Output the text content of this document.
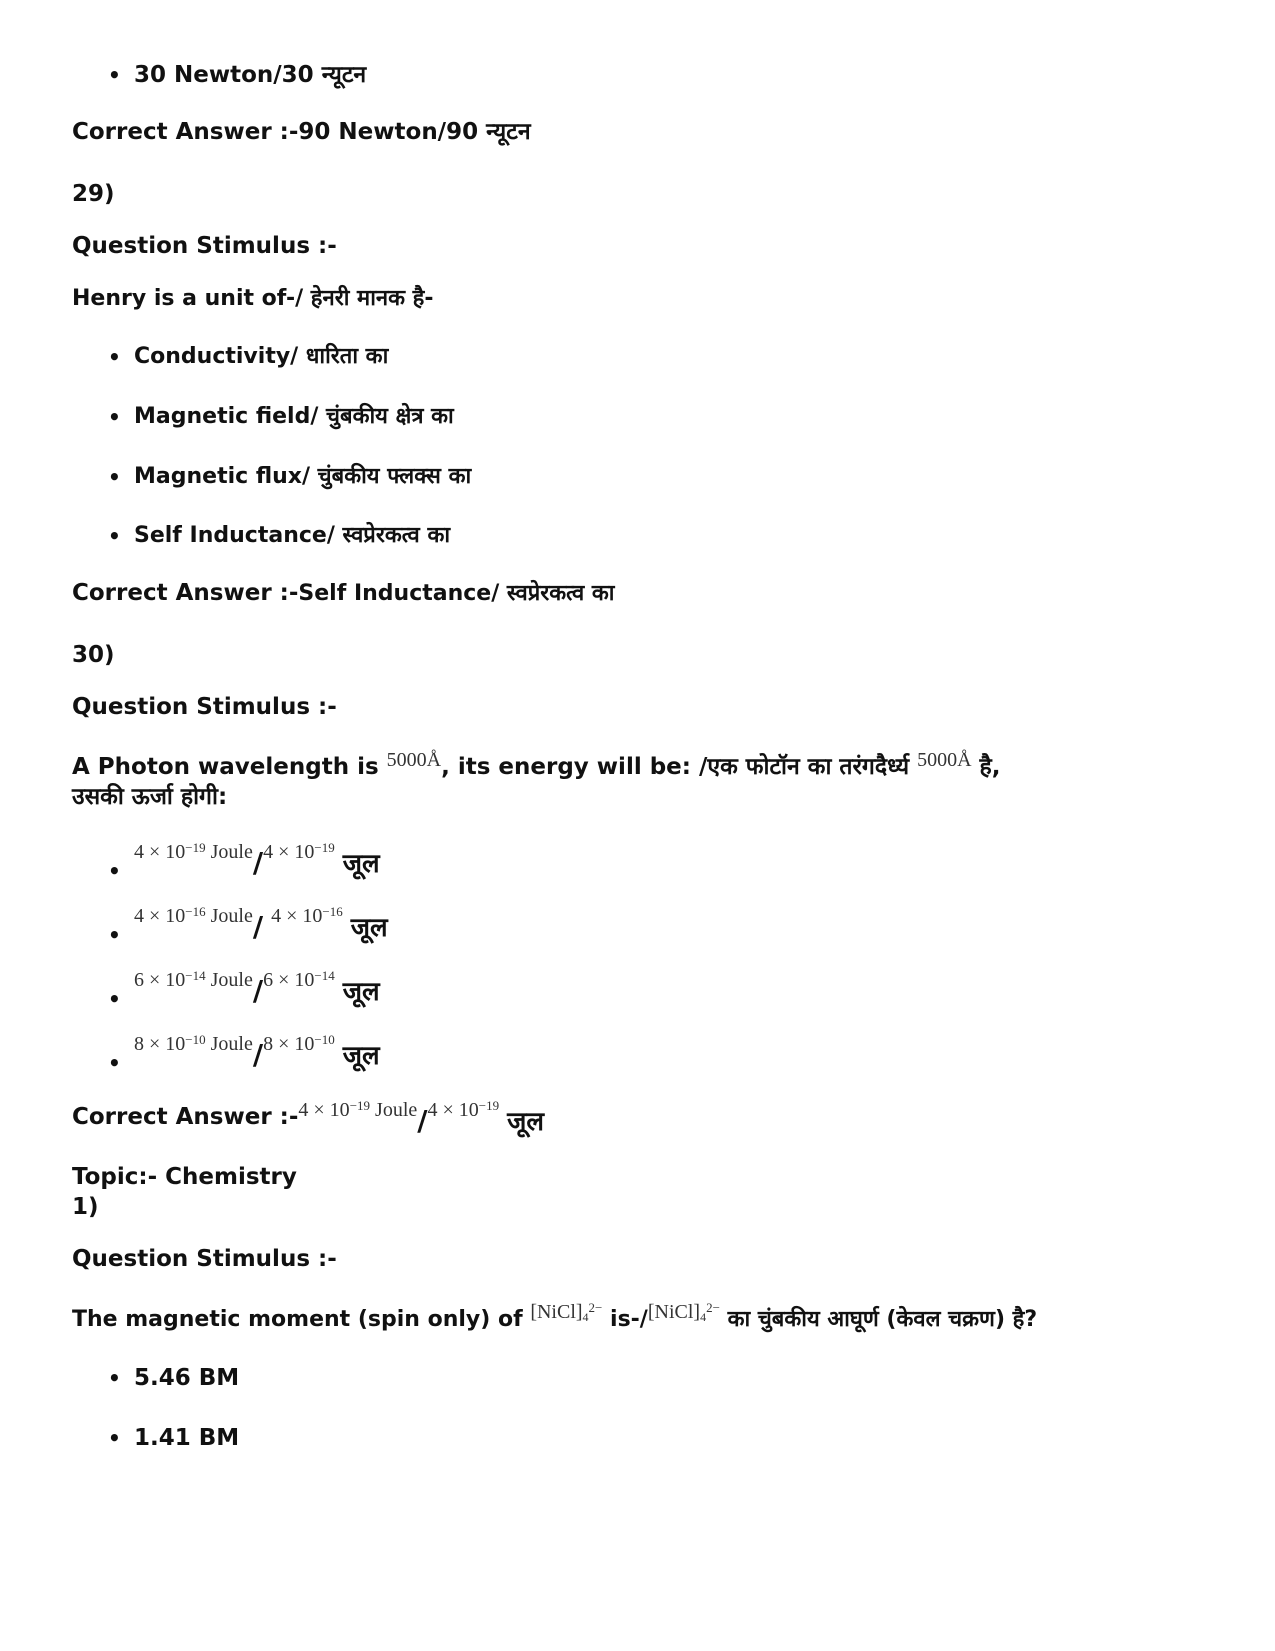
• 30 Newton/30 न्यूटन
Correct Answer :-90 Newton/90 न्यूटन
29)
Question Stimulus :-
Henry is a unit of-/ हेनरी मानक है-
• Conductivity/ धारिता का
• Magnetic field/ चुंबकीय क्षेत्र का
• Magnetic flux/ चुंबकीय फ्लक्स का
• Self Inductance/ स्वप्रेरकत्व का
Correct Answer :-Self Inductance/ स्वप्रेरकत्व का
30)
Question Stimulus :-
A Photon wavelength is 5000Å, its energy will be: /एक फोटॉन का तरंगदैर्ध्य 5000Å है,
उसकी ऊर्जा होगी:
•
$4 \times 10^{-19}$ Joule/4 × $10^{-19}$ जूल
•
$4 \times 10^{-16}$ Joule/ $4 \times 10^{-16}$ जूल
•
$6 \times 10^{-14}$ Joule/6 × $10^{-14}$ जूल
•
$8 \times 10^{-10}$ Joule/8 × $10^{-10}$ जूल
Correct Answer :-4 × $10^{-19}$ Joule/4 × $10^{-19}$ जूल
Topic:- Chemistry
1)
Question Stimulus :-
The magnetic moment (spin only) of $[NiCl]_4^{2-}$ $is-/[NiCl]_4^{2-}$ का चुंबकीय आघूर्ण (केवल चक्रण) है?
• 5.46 BM
• 1.41 BM
